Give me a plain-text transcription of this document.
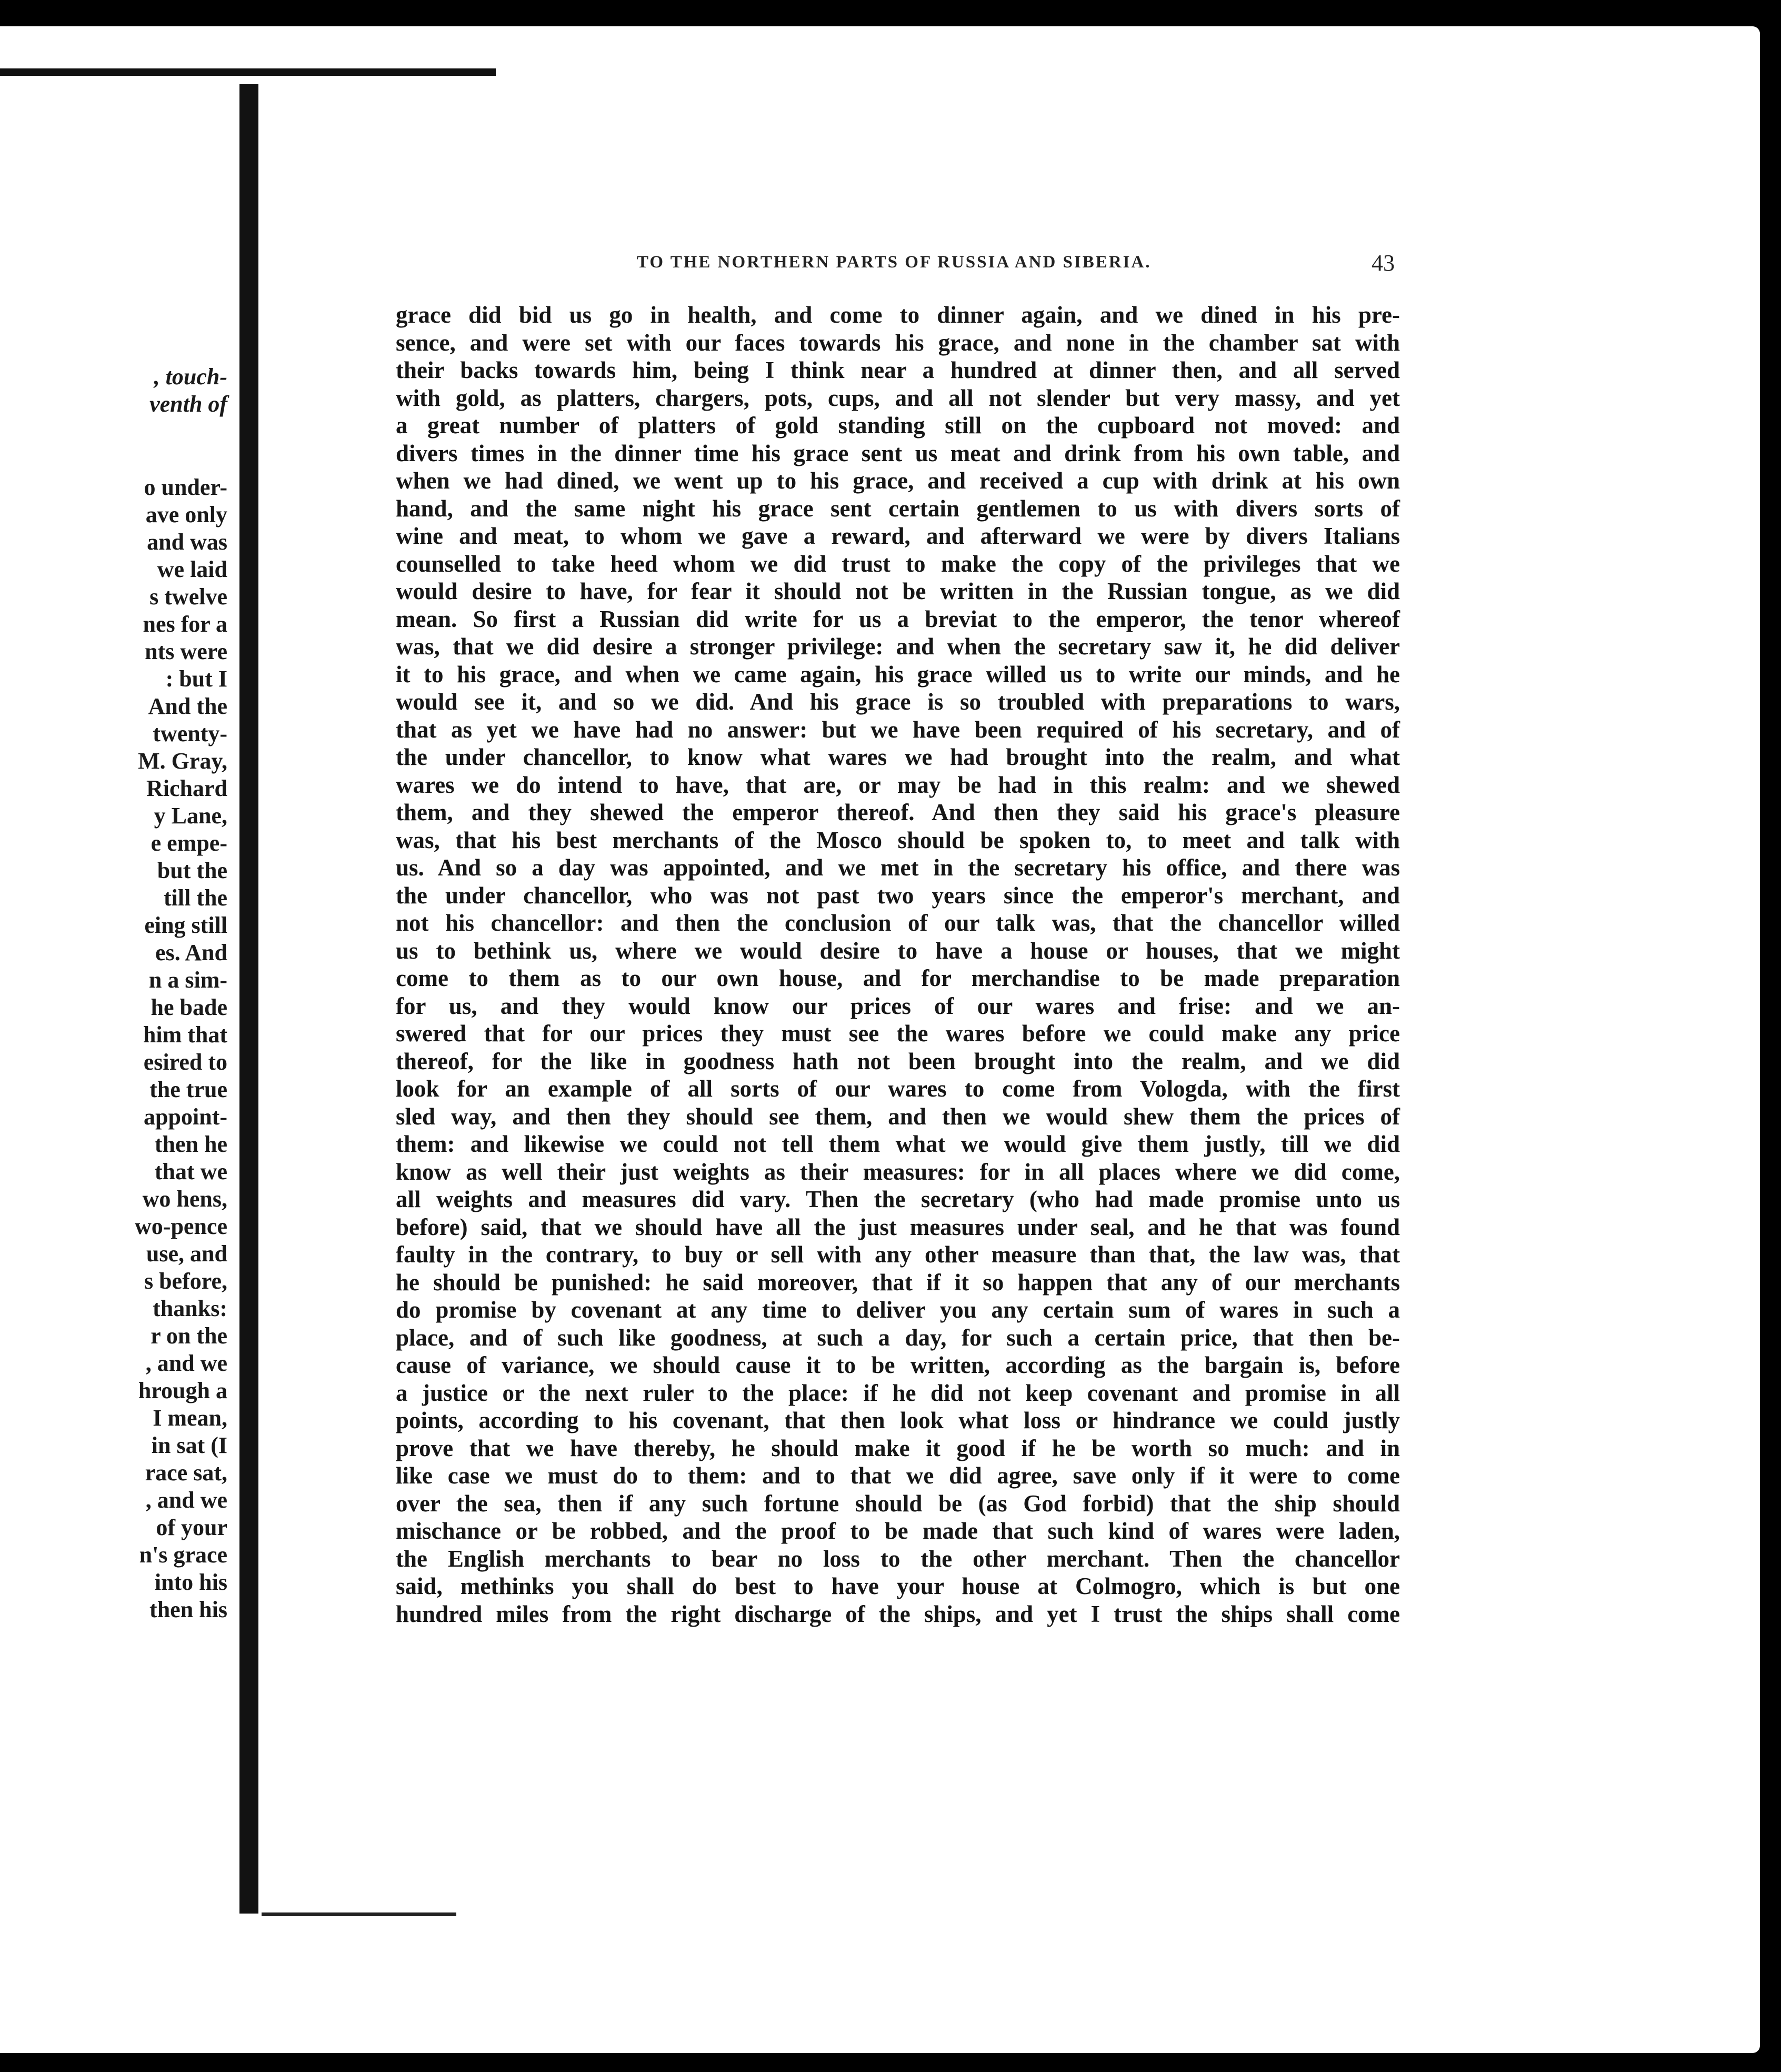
, touch-
venth of
o under-
ave only
and was
we laid
s twelve
nes for a
nts were
: but I
And the
twenty-
M. Gray,
Richard
y Lane,
e empe-
but the
till the
eing still
es. And
n a sim-
he bade
him that
esired to
the true
appoint-
then he
that we
wo hens,
wo-pence
use, and
s before,
thanks:
r on the
, and we
hrough a
I mean,
in sat (I
race sat,
, and we
of your
n's grace
into his
then his
TO THE NORTHERN PARTS OF RUSSIA AND SIBERIA.	43
grace did bid us go in health, and come to dinner again, and we dined in his pre-
sence, and were set with our faces towards his grace, and none in the chamber sat with
their backs towards him, being I think near a hundred at dinner then, and all served
with gold, as platters, chargers, pots, cups, and all not slender but very massy, and yet
a great number of platters of gold standing still on the cupboard not moved: and
divers times in the dinner time his grace sent us meat and drink from his own table, and
when we had dined, we went up to his grace, and received a cup with drink at his own
hand, and the same night his grace sent certain gentlemen to us with divers sorts of
wine and meat, to whom we gave a reward, and afterward we were by divers Italians
counselled to take heed whom we did trust to make the copy of the privileges that we
would desire to have, for fear it should not be written in the Russian tongue, as we did
mean. So first a Russian did write for us a breviat to the emperor, the tenor whereof
was, that we did desire a stronger privilege: and when the secretary saw it, he did deliver
it to his grace, and when we came again, his grace willed us to write our minds, and he
would see it, and so we did. And his grace is so troubled with preparations to wars,
that as yet we have had no answer: but we have been required of his secretary, and of
the under chancellor, to know what wares we had brought into the realm, and what
wares we do intend to have, that are, or may be had in this realm: and we shewed
them, and they shewed the emperor thereof. And then they said his grace's pleasure
was, that his best merchants of the Mosco should be spoken to, to meet and talk with
us. And so a day was appointed, and we met in the secretary his office, and there was
the under chancellor, who was not past two years since the emperor's merchant, and
not his chancellor: and then the conclusion of our talk was, that the chancellor willed
us to bethink us, where we would desire to have a house or houses, that we might
come to them as to our own house, and for merchandise to be made preparation
for us, and they would know our prices of our wares and frise: and we an-
swered that for our prices they must see the wares before we could make any price
thereof, for the like in goodness hath not been brought into the realm, and we did
look for an example of all sorts of our wares to come from Vologda, with the first
sled way, and then they should see them, and then we would shew them the prices of
them: and likewise we could not tell them what we would give them justly, till we did
know as well their just weights as their measures: for in all places where we did come,
all weights and measures did vary. Then the secretary (who had made promise unto us
before) said, that we should have all the just measures under seal, and he that was found
faulty in the contrary, to buy or sell with any other measure than that, the law was, that
he should be punished: he said moreover, that if it so happen that any of our merchants
do promise by covenant at any time to deliver you any certain sum of wares in such a
place, and of such like goodness, at such a day, for such a certain price, that then be-
cause of variance, we should cause it to be written, according as the bargain is, before
a justice or the next ruler to the place: if he did not keep covenant and promise in all
points, according to his covenant, that then look what loss or hindrance we could justly
prove that we have thereby, he should make it good if he be worth so much: and in
like case we must do to them: and to that we did agree, save only if it were to come
over the sea, then if any such fortune should be (as God forbid) that the ship should
mischance or be robbed, and the proof to be made that such kind of wares were laden,
the English merchants to bear no loss to the other merchant. Then the chancellor
said, methinks you shall do best to have your house at Colmogro, which is but one
hundred miles from the right discharge of the ships, and yet I trust the ships shall come
